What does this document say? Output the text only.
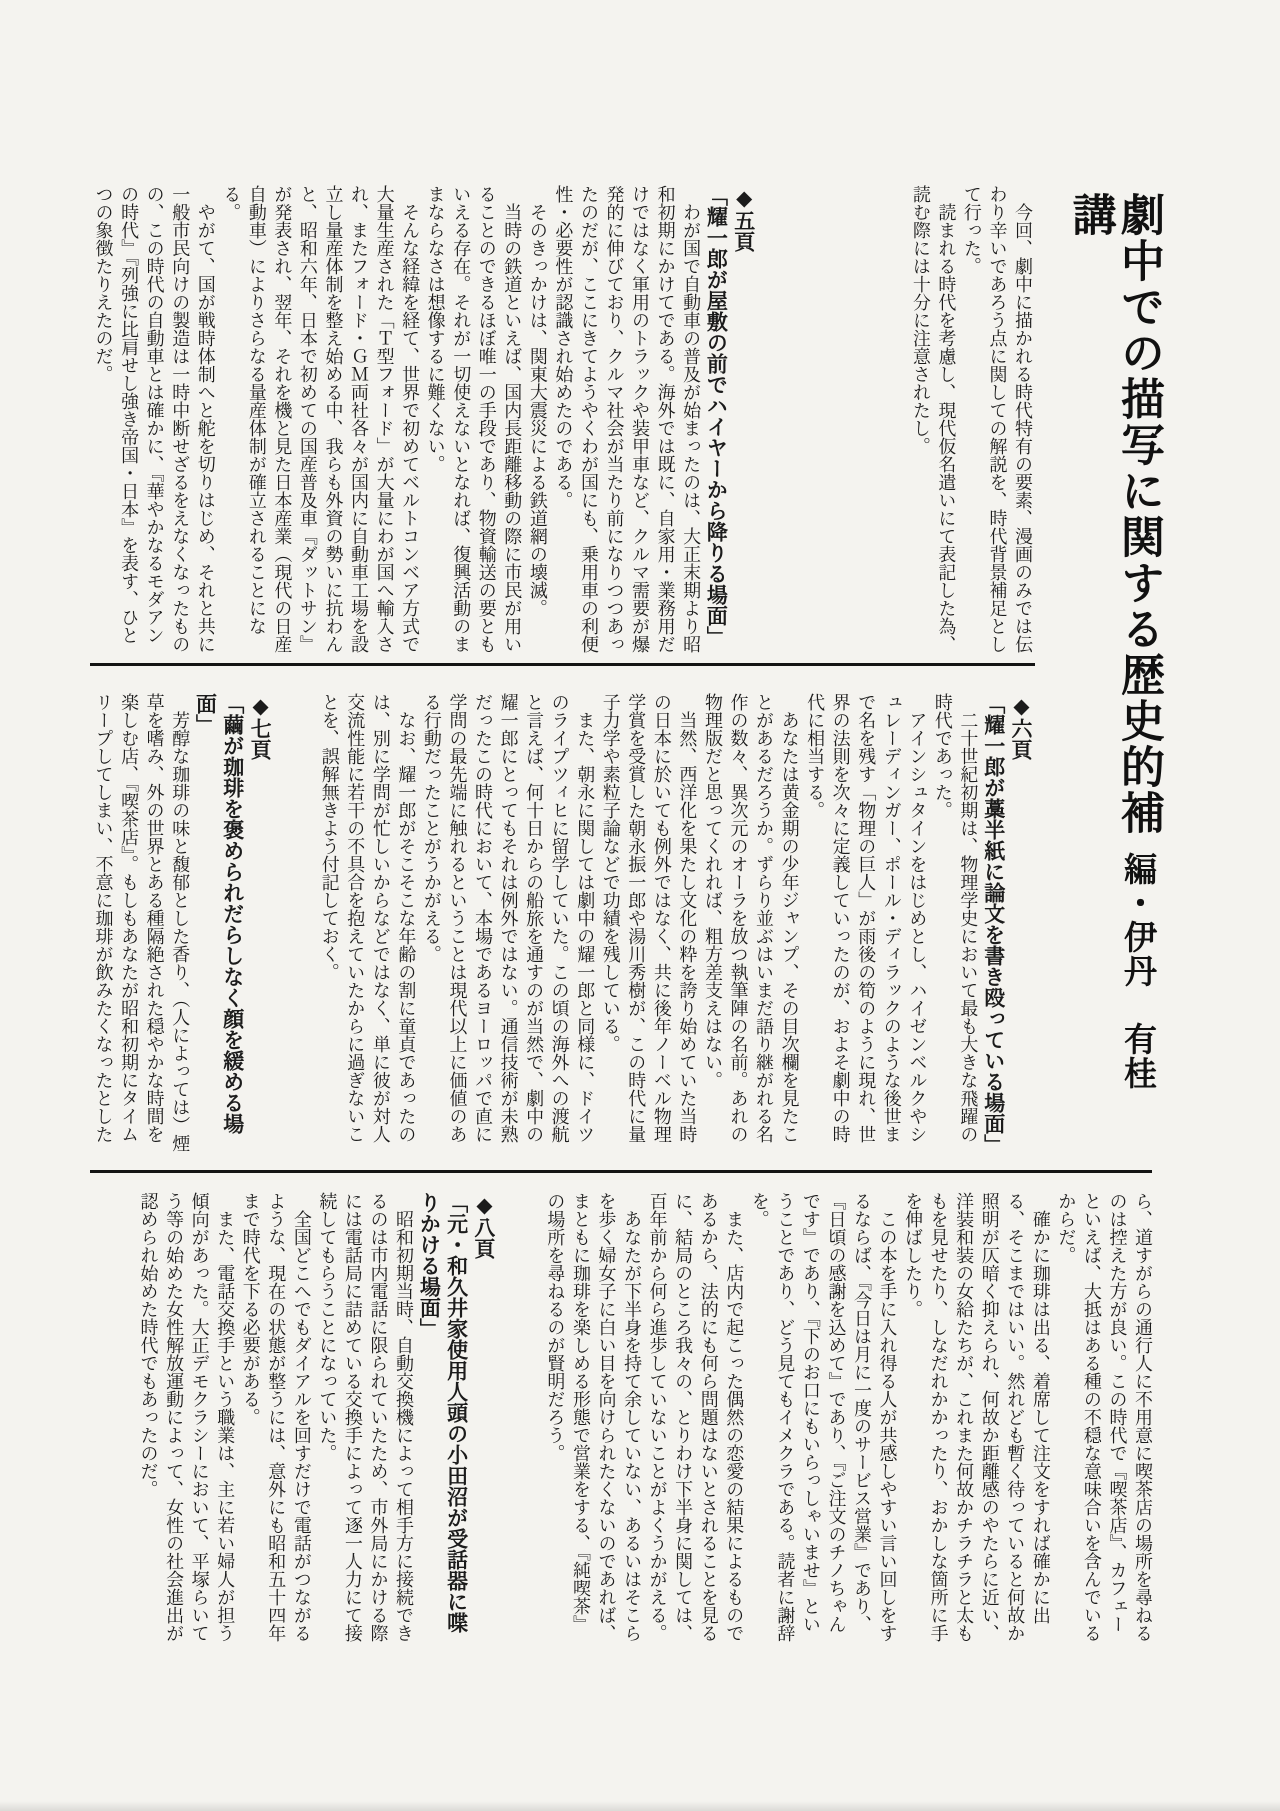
劇中での描写に関する歴史的補講
編・伊丹　有桂

今回、劇中に描かれる時代特有の要素、漫画のみでは伝わり辛いであろう点に関しての解説を、時代背景補足として行った。

読まれる時代を考慮し、現代仮名遣いにて表記した為、読む際には十分に注意されたし。

◆五頁

「耀一郎が屋敷の前でハイヤーから降りる場面」

わが国で自動車の普及が始まったのは、大正末期より昭和初期にかけてである。海外では既に、自家用・業務用だけではなく軍用のトラックや装甲車など、クルマ需要が爆発的に伸びており、クルマ社会が当たり前になりつつあったのだが、ここにきてようやくわが国にも、乗用車の利便性・必要性が認識され始めたのである。

そのきっかけは、関東大震災による鉄道網の壊滅。

当時の鉄道といえば、国内長距離移動の際に市民が用いることのできるほぼ唯一の手段であり、物資輸送の要ともいえる存在。それが一切使えないとなれば、復興活動のままならなさは想像するに難くない。

そんな経緯を経て、世界で初めてベルトコンベア方式で大量生産された「Ｔ型フォード」が大量にわが国へ輸入され、またフォード・ＧＭ両社各々が国内に自動車工場を設立し量産体制を整え始める中、我らも外資の勢いに抗わんと、昭和六年、日本で初めての国産普及車『ダットサン』が発表され、翌年、それを機と見た日本産業（現代の日産自動車）によりさらなる量産体制が確立されることになる。

やがて、国が戦時体制へと舵を切りはじめ、それと共に一般市民向けの製造は一時中断せざるをえなくなったものの、この時代の自動車とは確かに、『華やかなるモダアンの時代』『列強に比肩せし強き帝国・日本』を表す、ひとつの象徴たりえたのだ。

◆六頁

「耀一郎が藁半紙に論文を書き殴っている場面」

二十世紀初期は、物理学史において最も大きな飛躍の時代であった。

アインシュタインをはじめとし、ハイゼンベルクやシュレーディンガー、ポール・ディラックのような後世まで名を残す「物理の巨人」が雨後の筍のように現れ、世界の法則を次々に定義していったのが、およそ劇中の時代に相当する。

あなたは黄金期の少年ジャンプ、その目次欄を見たことがあるだろうか。ずらり並ぶはいまだ語り継がれる名作の数々、異次元のオーラを放つ執筆陣の名前。あれの物理版だと思ってくれれば、粗方差支えはない。

当然、西洋化を果たし文化の粋を誇り始めていた当時の日本に於いても例外ではなく、共に後年ノーベル物理学賞を受賞した朝永振一郎や湯川秀樹が、この時代に量子力学や素粒子論などで功績を残している。

また、朝永に関しては劇中の耀一郎と同様に、ドイツのライプツィヒに留学していた。この頃の海外への渡航と言えば、何十日からの船旅を通すのが当然で、劇中の耀一郎にとってもそれは例外ではない。通信技術が未熟だったこの時代において、本場であるヨーロッパで直に学問の最先端に触れるということは現代以上に価値のある行動だったことがうかがえる。

なお、耀一郎がそこそこな年齢の割に童貞であったのは、別に学問が忙しいからなどではなく、単に彼が対人交流性能に若干の不具合を抱えていたからに過ぎないことを、誤解無きよう付記しておく。

◆七頁

「繭が珈琲を褒められだらしなく顔を緩める場面」

芳醇な珈琲の味と馥郁とした香り、（人によっては）煙草を嗜み、外の世界とある種隔絶された穏やかな時間を楽しむ店、『喫茶店』。もしもあなたが昭和初期にタイムリープしてしまい、不意に珈琲が飲みたくなったとした

ら、道すがらの通行人に不用意に喫茶店の場所を尋ねるのは控えた方が良い。この時代で『喫茶店』、カフェーといえば、大抵はある種の不穏な意味合いを含んでいるからだ。

確かに珈琲は出る、着席して注文をすれば確かに出る、そこまではいい。然れども暫く待っていると何故か照明が仄暗く抑えられ、何故か距離感のやたらに近い、洋装和装の女給たちが、これまた何故かチラチラと太ももを見せたり、しなだれかかったり、おかしな箇所に手を伸ばしたり。

この本を手に入れ得る人が共感しやすい言い回しをするならば、『今日は月に一度のサービス営業』であり、『日頃の感謝を込めて』であり、『ご注文のチノちゃんです』であり、『下のお口にもいらっしゃいませ』ということであり、どう見てもイメクラである。読者に謝辞を。

また、店内で起こった偶然の恋愛の結果によるものであるから、法的にも何ら問題はないとされることを見るに、結局のところ我々の、とりわけ下半身に関しては、百年前から何ら進歩していないことがよくうかがえる。

あなたが下半身を持て余していない、あるいはそこらを歩く婦女子に白い目を向けられたくないのであれば、まともに珈琲を楽しめる形態で営業をする、『純喫茶』の場所を尋ねるのが賢明だろう。

◆八頁

「元・和久井家使用人頭の小田沼が受話器に喋りかける場面」

昭和初期当時、自動交換機によって相手方に接続できるのは市内電話に限られていたため、市外局にかける際には電話局に詰めている交換手によって逐一人力にて接続してもらうことになっていた。

全国どこへでもダイアルを回すだけで電話がつながるような、現在の状態が整うには、意外にも昭和五十四年まで時代を下る必要がある。

また、電話交換手という職業は、主に若い婦人が担う傾向があった。大正デモクラシーにおいて、平塚らいてう等の始めた女性解放運動によって、女性の社会進出が認められ始めた時代でもあったのだ。
